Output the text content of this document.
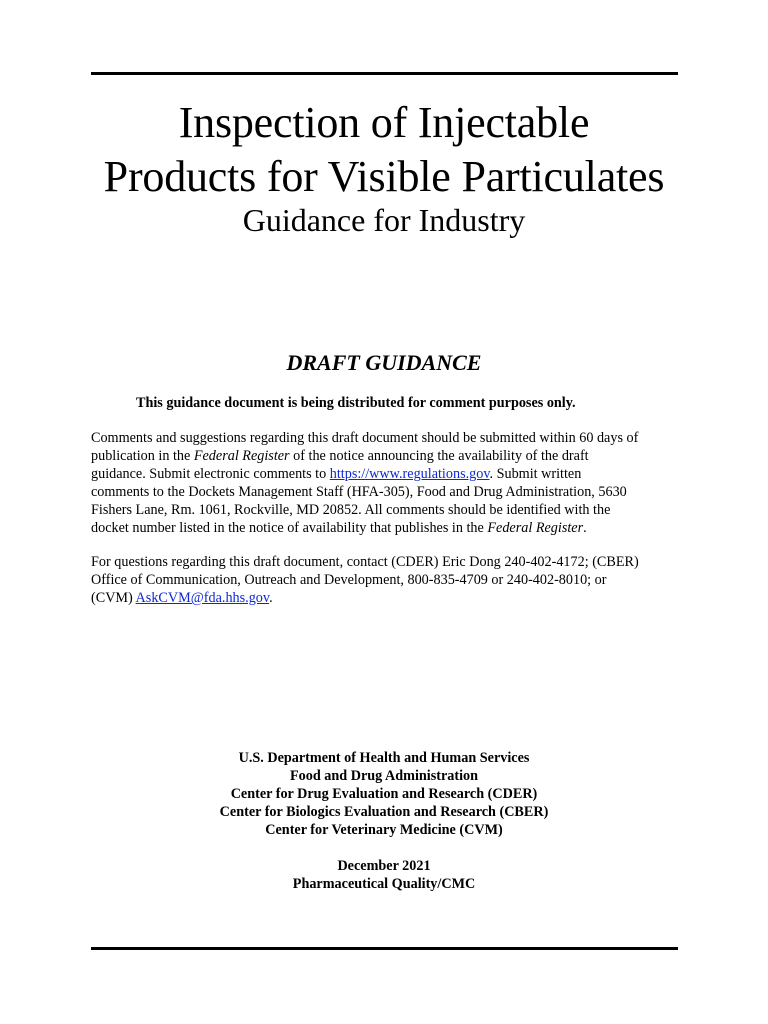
Inspection of Injectable
Products for Visible Particulates
Guidance for Industry
DRAFT GUIDANCE
This guidance document is being distributed for comment purposes only.
Comments and suggestions regarding this draft document should be submitted within 60 days of
publication in the Federal Register of the notice announcing the availability of the draft
guidance. Submit electronic comments to https://www.regulations.gov. Submit written
comments to the Dockets Management Staff (HFA-305), Food and Drug Administration, 5630
Fishers Lane, Rm. 1061, Rockville, MD 20852. All comments should be identified with the
docket number listed in the notice of availability that publishes in the Federal Register.
For questions regarding this draft document, contact (CDER) Eric Dong 240-402-4172; (CBER)
Office of Communication, Outreach and Development, 800-835-4709 or 240-402-8010; or
(CVM) AskCVM@fda.hhs.gov.
U.S. Department of Health and Human Services
Food and Drug Administration
Center for Drug Evaluation and Research (CDER)
Center for Biologics Evaluation and Research (CBER)
Center for Veterinary Medicine (CVM)
December 2021
Pharmaceutical Quality/CMC
